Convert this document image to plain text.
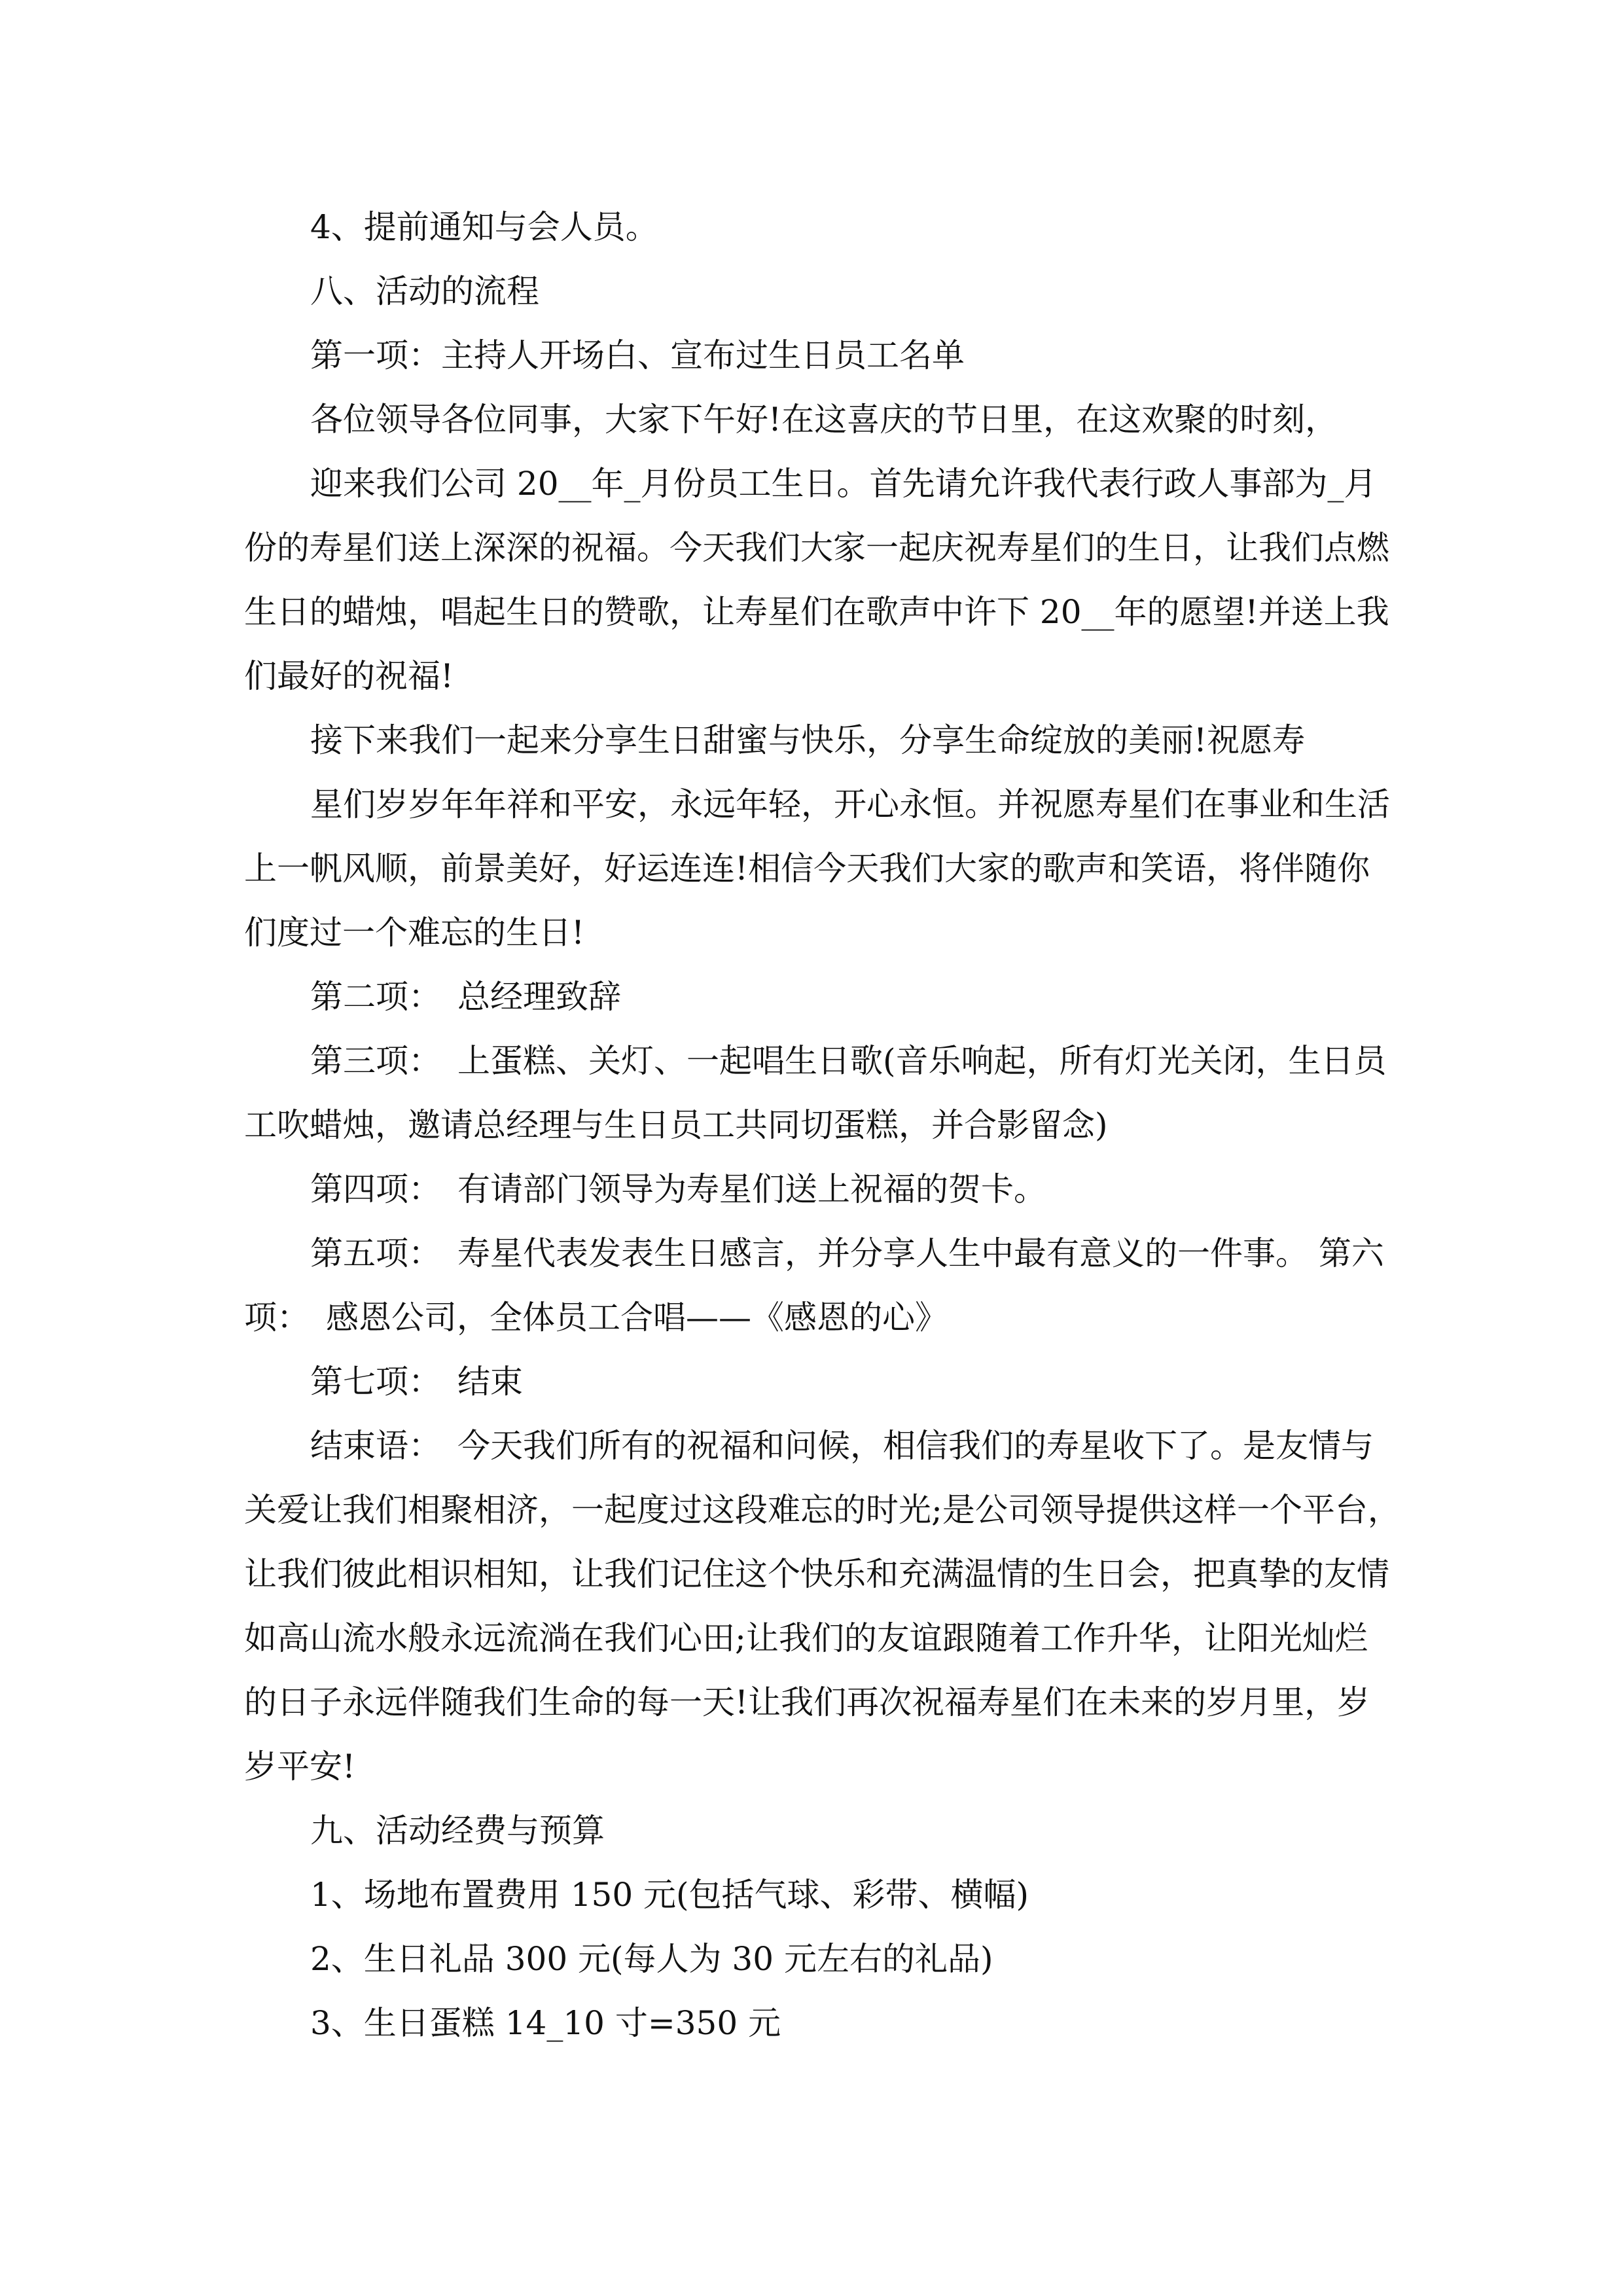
4、提前通知与会人员。

八、活动的流程

第一项：主持人开场白、宣布过生日员工名单

各位领导各位同事，大家下午好!在这喜庆的节日里，在这欢聚的时刻，

迎来我们公司 20__年_月份员工生日。首先请允许我代表行政人事部为_月

份的寿星们送上深深的祝福。今天我们大家一起庆祝寿星们的生日，让我们点燃

生日的蜡烛，唱起生日的赞歌，让寿星们在歌声中许下 20__年的愿望!并送上我

们最好的祝福!

接下来我们一起来分享生日甜蜜与快乐，分享生命绽放的美丽!祝愿寿

星们岁岁年年祥和平安，永远年轻，开心永恒。并祝愿寿星们在事业和生活

上一帆风顺，前景美好，好运连连!相信今天我们大家的歌声和笑语，将伴随你

们度过一个难忘的生日!

第二项：　总经理致辞

第三项：　上蛋糕、关灯、一起唱生日歌(音乐响起，所有灯光关闭，生日员

工吹蜡烛，邀请总经理与生日员工共同切蛋糕，并合影留念)

第四项：　有请部门领导为寿星们送上祝福的贺卡。

第五项：　寿星代表发表生日感言，并分享人生中最有意义的一件事。 第六

项：　感恩公司，全体员工合唱——《感恩的心》

第七项：　结束

结束语：　今天我们所有的祝福和问候，相信我们的寿星收下了。是友情与

关爱让我们相聚相济，一起度过这段难忘的时光;是公司领导提供这样一个平台，

让我们彼此相识相知，让我们记住这个快乐和充满温情的生日会，把真挚的友情

如高山流水般永远流淌在我们心田;让我们的友谊跟随着工作升华，让阳光灿烂

的日子永远伴随我们生命的每一天!让我们再次祝福寿星们在未来的岁月里，岁

岁平安!

九、活动经费与预算

1、场地布置费用 150 元(包括气球、彩带、横幅)

2、生日礼品 300 元(每人为 30 元左右的礼品)

3、生日蛋糕 14_10 寸=350 元
